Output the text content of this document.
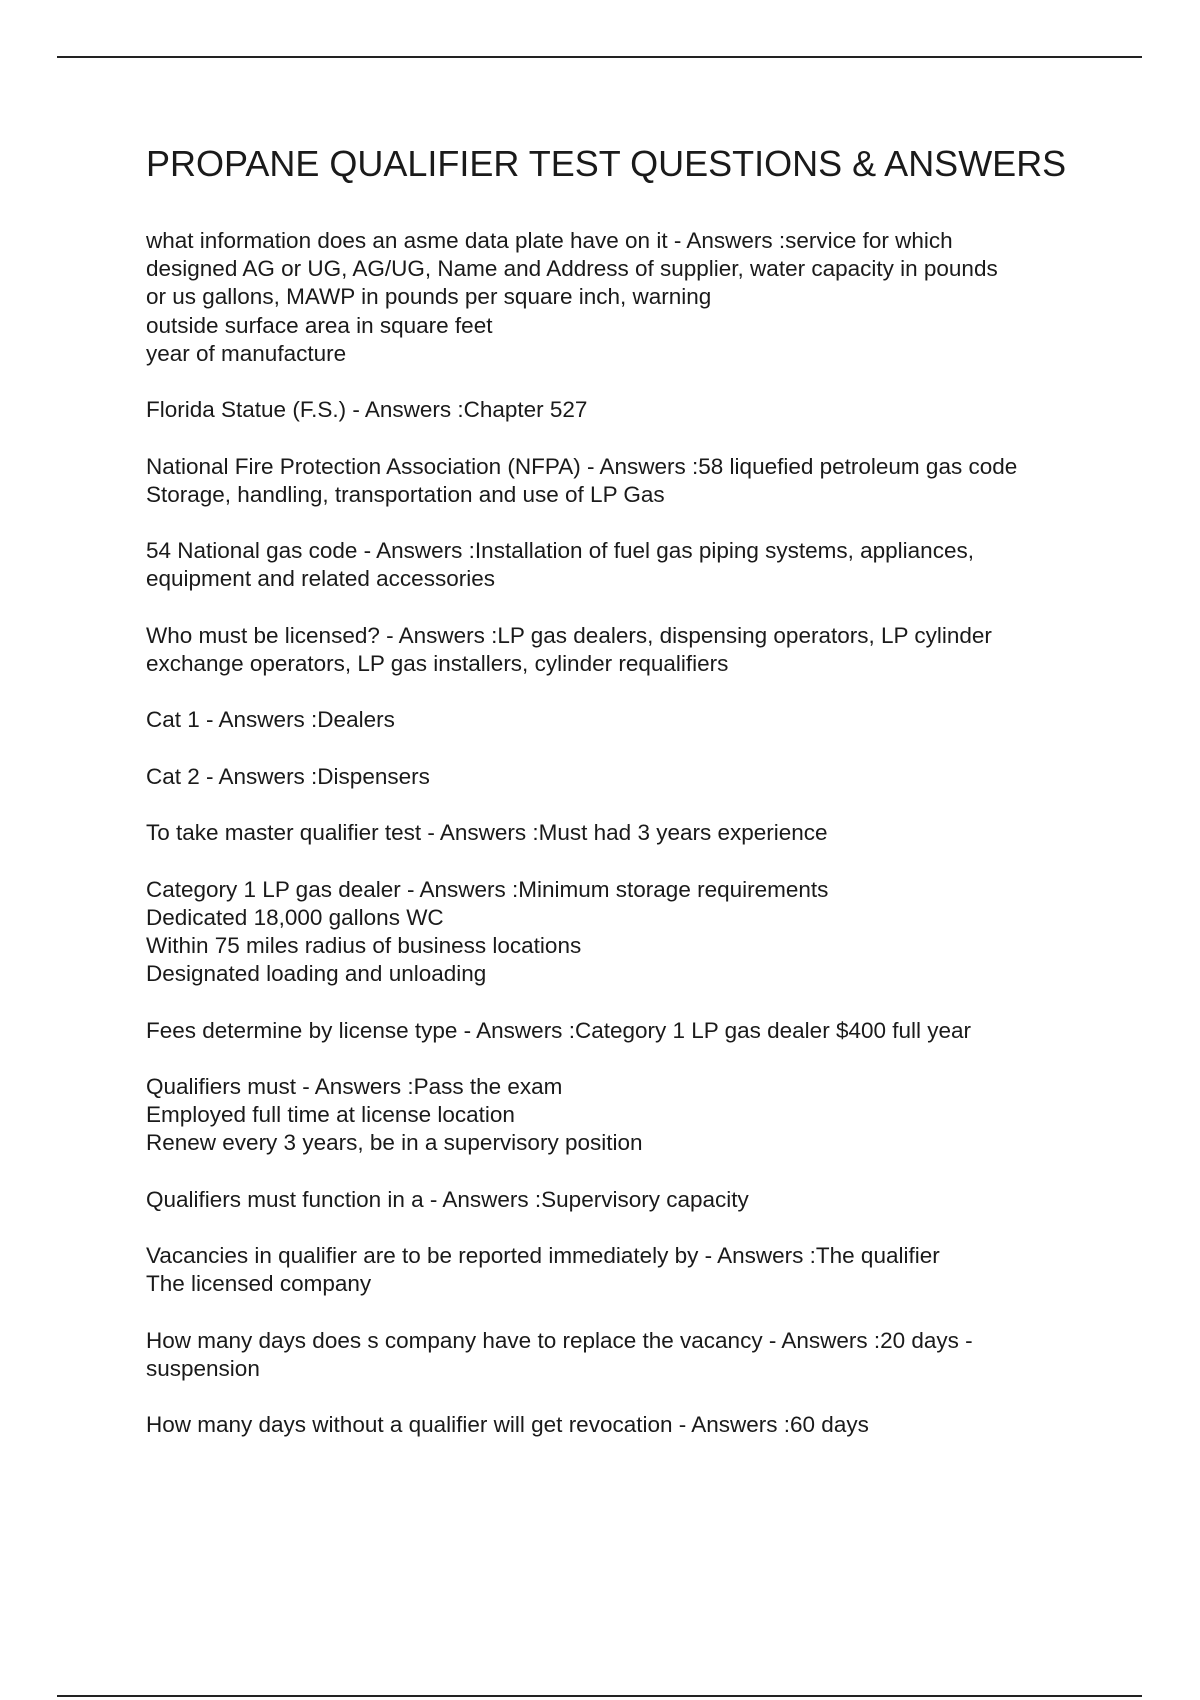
PROPANE QUALIFIER TEST QUESTIONS & ANSWERS
what information does an asme data plate have on it - Answers :service for which
designed AG or UG, AG/UG, Name and Address of supplier, water capacity in pounds
or us gallons, MAWP in pounds per square inch, warning
outside surface area in square feet
year of manufacture
Florida Statue (F.S.) - Answers :Chapter 527
National Fire Protection Association (NFPA) - Answers :58 liquefied petroleum gas code
Storage, handling, transportation and use of LP Gas
54 National gas code - Answers :Installation of fuel gas piping systems, appliances,
equipment and related accessories
Who must be licensed? - Answers :LP gas dealers, dispensing operators, LP cylinder
exchange operators, LP gas installers, cylinder requalifiers
Cat 1 - Answers :Dealers
Cat 2 - Answers :Dispensers
To take master qualifier test - Answers :Must had 3 years experience
Category 1 LP gas dealer - Answers :Minimum storage requirements
Dedicated 18,000 gallons WC
Within 75 miles radius of business locations
Designated loading and unloading
Fees determine by license type - Answers :Category 1 LP gas dealer $400 full year
Qualifiers must - Answers :Pass the exam
Employed full time at license location
Renew every 3 years, be in a supervisory position
Qualifiers must function in a - Answers :Supervisory capacity
Vacancies in qualifier are to be reported immediately by - Answers :The qualifier
The licensed company
How many days does s company have to replace the vacancy - Answers :20 days -
suspension
How many days without a qualifier will get revocation - Answers :60 days
